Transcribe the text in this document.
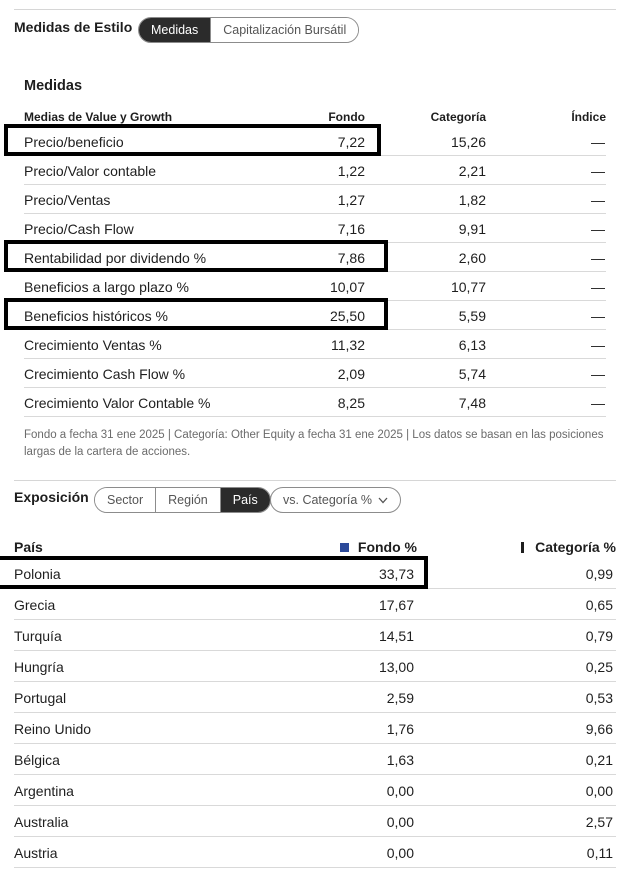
Medidas de Estilo	Medidas	Capitalización Bursátil
Medidas
Medias de Value y Growth	Fondo	Categoría	Índice
Precio/beneficio	7,22	15,26	—
Precio/Valor contable	1,22	2,21	—
Precio/Ventas	1,27	1,82	—
Precio/Cash Flow	7,16	9,91	—
Rentabilidad por dividendo %	7,86	2,60	—
Beneficios a largo plazo %	10,07	10,77	—
Beneficios históricos %	25,50	5,59	—
Crecimiento Ventas %	11,32	6,13	—
Crecimiento Cash Flow %	2,09	5,74	—
Crecimiento Valor Contable %	8,25	7,48	—
Fondo a fecha 31 ene 2025 | Categoría: Other Equity a fecha 31 ene 2025 | Los datos se basan en las posiciones largas de la cartera de acciones.
Exposición	Sector	Región	País	vs. Categoría %
País	Fondo %	Categoría %
Polonia	33,73	0,99
Grecia	17,67	0,65
Turquía	14,51	0,79
Hungría	13,00	0,25
Portugal	2,59	0,53
Reino Unido	1,76	9,66
Bélgica	1,63	0,21
Argentina	0,00	0,00
Australia	0,00	2,57
Austria	0,00	0,11
